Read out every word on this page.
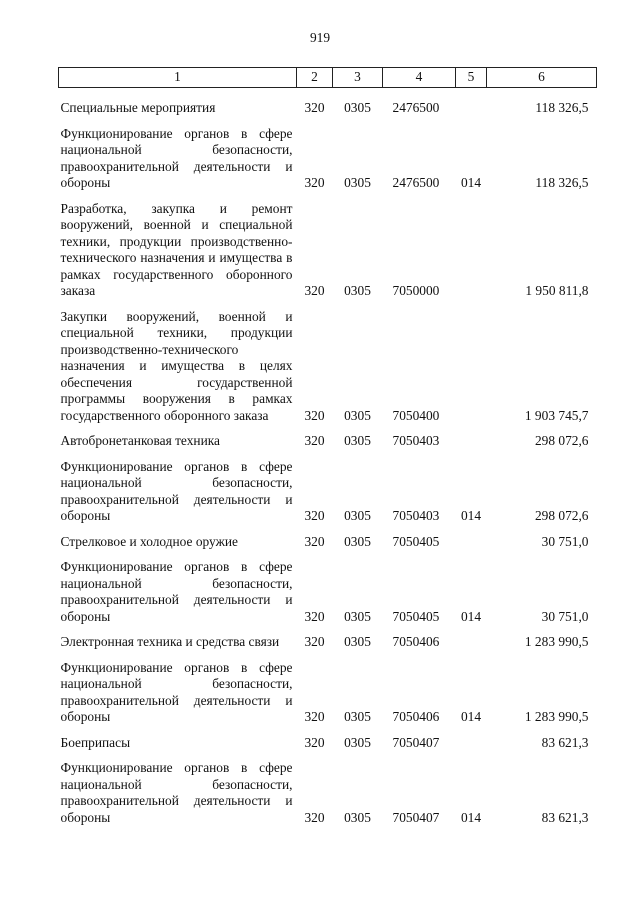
919
1	2	3	4	5	6
Специальные мероприятия	320	0305	2476500		118 326,5
Функционирование органов в сфере национальной безопасности, правоохранительной деятельности и обороны	320	0305	2476500	014	118 326,5
Разработка, закупка и ремонт вооружений, военной и специальной техники, продукции производственно-технического назначения и имущества в рамках государственного оборонного заказа	320	0305	7050000		1 950 811,8
Закупки вооружений, военной и специальной техники, продукции производственно-технического назначения и имущества в целях обеспечения государственной программы вооружения в рамках государственного оборонного заказа	320	0305	7050400		1 903 745,7
Автобронетанковая техника	320	0305	7050403		298 072,6
Функционирование органов в сфере национальной безопасности, правоохранительной деятельности и обороны	320	0305	7050403	014	298 072,6
Стрелковое и холодное оружие	320	0305	7050405		30 751,0
Функционирование органов в сфере национальной безопасности, правоохранительной деятельности и обороны	320	0305	7050405	014	30 751,0
Электронная техника и средства связи	320	0305	7050406		1 283 990,5
Функционирование органов в сфере национальной безопасности, правоохранительной деятельности и обороны	320	0305	7050406	014	1 283 990,5
Боеприпасы	320	0305	7050407		83 621,3
Функционирование органов в сфере национальной безопасности, правоохранительной деятельности и обороны	320	0305	7050407	014	83 621,3
